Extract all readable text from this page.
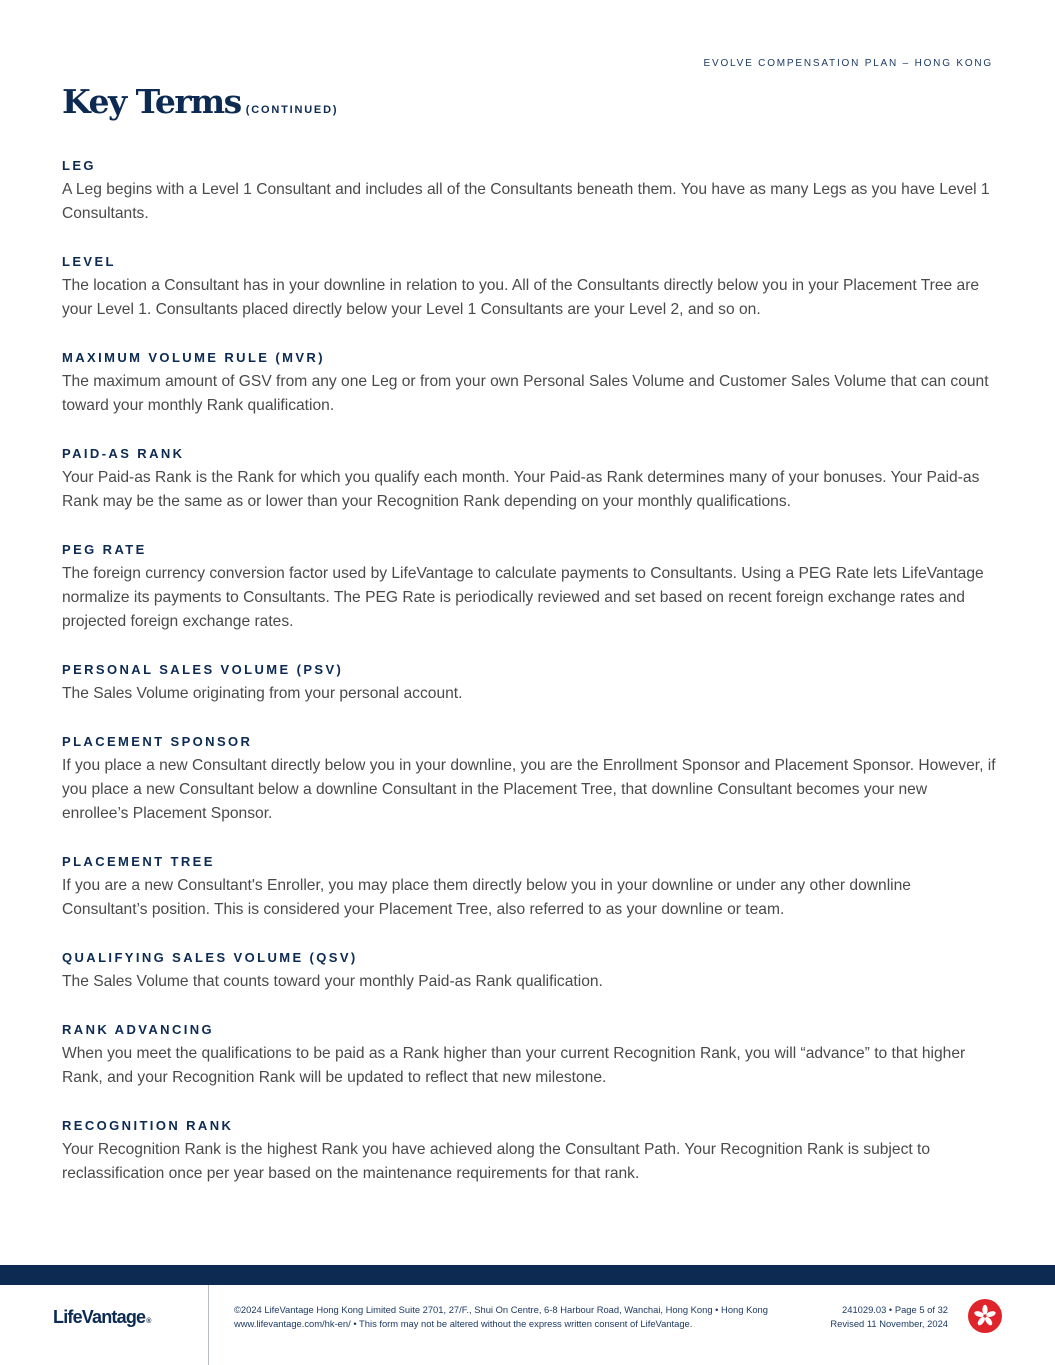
EVOLVE COMPENSATION PLAN – HONG KONG
Key Terms (CONTINUED)
LEG

A Leg begins with a Level 1 Consultant and includes all of the Consultants beneath them. You have as many Legs as you have Level 1 Consultants.

LEVEL

The location a Consultant has in your downline in relation to you. All of the Consultants directly below you in your Placement Tree are your Level 1. Consultants placed directly below your Level 1 Consultants are your Level 2, and so on.

MAXIMUM VOLUME RULE (MVR)

The maximum amount of GSV from any one Leg or from your own Personal Sales Volume and Customer Sales Volume that can count toward your monthly Rank qualification.

PAID-AS RANK

Your Paid-as Rank is the Rank for which you qualify each month. Your Paid-as Rank determines many of your bonuses. Your Paid-as Rank may be the same as or lower than your Recognition Rank depending on your monthly qualifications.

PEG RATE

The foreign currency conversion factor used by LifeVantage to calculate payments to Consultants. Using a PEG Rate lets LifeVantage normalize its payments to Consultants. The PEG Rate is periodically reviewed and set based on recent foreign exchange rates and projected foreign exchange rates.

PERSONAL SALES VOLUME (PSV)

The Sales Volume originating from your personal account.

PLACEMENT SPONSOR

If you place a new Consultant directly below you in your downline, you are the Enrollment Sponsor and Placement Sponsor. However, if you place a new Consultant below a downline Consultant in the Placement Tree, that downline Consultant becomes your new enrollee’s Placement Sponsor.

PLACEMENT TREE

If you are a new Consultant's Enroller, you may place them directly below you in your downline or under any other downline Consultant’s position. This is considered your Placement Tree, also referred to as your downline or team.

QUALIFYING SALES VOLUME (QSV)

The Sales Volume that counts toward your monthly Paid-as Rank qualification.

RANK ADVANCING

When you meet the qualifications to be paid as a Rank higher than your current Recognition Rank, you will “advance” to that higher Rank, and your Recognition Rank will be updated to reflect that new milestone.

RECOGNITION RANK

Your Recognition Rank is the highest Rank you have achieved along the Consultant Path. Your Recognition Rank is subject to reclassification once per year based on the maintenance requirements for that rank.

LifeVantage®
©2024 LifeVantage Hong Kong Limited Suite 2701, 27/F., Shui On Centre, 6-8 Harbour Road, Wanchai, Hong Kong • Hong Kong
www.lifevantage.com/hk-en/ • This form may not be altered without the express written consent of LifeVantage.
241029.03 • Page 5 of 32
Revised 11 November, 2024
